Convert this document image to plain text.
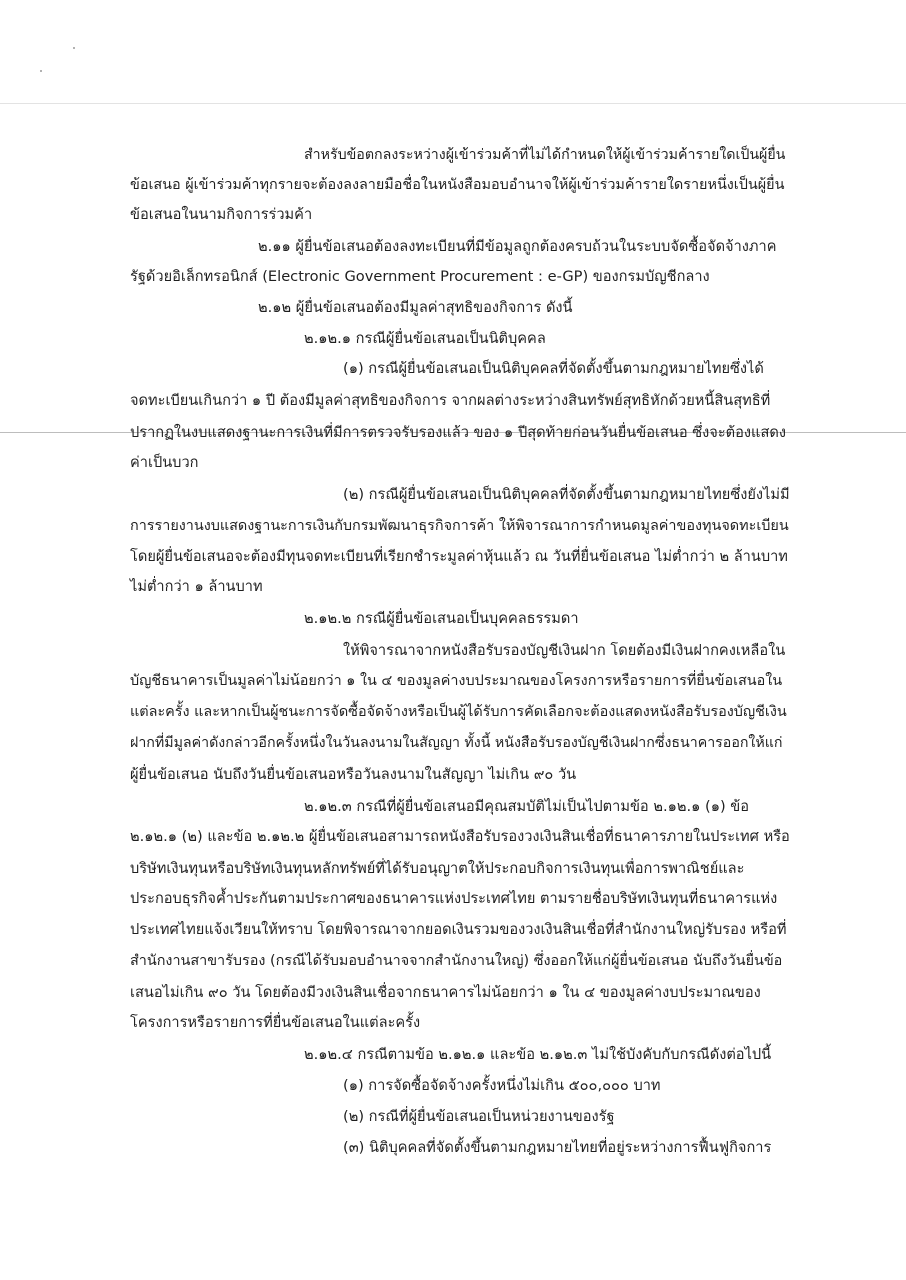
สำหรับข้อตกลงระหว่างผู้เข้าร่วมค้าที่ไม่ได้กำหนดให้ผู้เข้าร่วมค้ารายใดเป็นผู้ยื่น
ข้อเสนอ ผู้เข้าร่วมค้าทุกรายจะต้องลงลายมือชื่อในหนังสือมอบอำนาจให้ผู้เข้าร่วมค้ารายใดรายหนึ่งเป็นผู้ยื่น
ข้อเสนอในนามกิจการร่วมค้า
๒.๑๑ ผู้ยื่นข้อเสนอต้องลงทะเบียนที่มีข้อมูลถูกต้องครบถ้วนในระบบจัดซื้อจัดจ้างภาค
รัฐด้วยอิเล็กทรอนิกส์ (Electronic Government Procurement : e-GP) ของกรมบัญชีกลาง
๒.๑๒ ผู้ยื่นข้อเสนอต้องมีมูลค่าสุทธิของกิจการ ดังนี้
๒.๑๒.๑ กรณีผู้ยื่นข้อเสนอเป็นนิติบุคคล
(๑) กรณีผู้ยื่นข้อเสนอเป็นนิติบุคคลที่จัดตั้งขึ้นตามกฎหมายไทยซึ่งได้
จดทะเบียนเกินกว่า ๑ ปี ต้องมีมูลค่าสุทธิของกิจการ จากผลต่างระหว่างสินทรัพย์สุทธิหักด้วยหนี้สินสุทธิที่
ปรากฏในงบแสดงฐานะการเงินที่มีการตรวจรับรองแล้ว ของ ๑ ปีสุดท้ายก่อนวันยื่นข้อเสนอ ซึ่งจะต้องแสดง
ค่าเป็นบวก
(๒) กรณีผู้ยื่นข้อเสนอเป็นนิติบุคคลที่จัดตั้งขึ้นตามกฎหมายไทยซึ่งยังไม่มี
การรายงานงบแสดงฐานะการเงินกับกรมพัฒนาธุรกิจการค้า ให้พิจารณาการกำหนดมูลค่าของทุนจดทะเบียน
โดยผู้ยื่นข้อเสนอจะต้องมีทุนจดทะเบียนที่เรียกชำระมูลค่าหุ้นแล้ว ณ วันที่ยื่นข้อเสนอ ไม่ต่ำกว่า ๒ ล้านบาท
ไม่ต่ำกว่า ๑ ล้านบาท
๒.๑๒.๒ กรณีผู้ยื่นข้อเสนอเป็นบุคคลธรรมดา
ให้พิจารณาจากหนังสือรับรองบัญชีเงินฝาก โดยต้องมีเงินฝากคงเหลือใน
บัญชีธนาคารเป็นมูลค่าไม่น้อยกว่า ๑ ใน ๔ ของมูลค่างบประมาณของโครงการหรือรายการที่ยื่นข้อเสนอใน
แต่ละครั้ง และหากเป็นผู้ชนะการจัดซื้อจัดจ้างหรือเป็นผู้ได้รับการคัดเลือกจะต้องแสดงหนังสือรับรองบัญชีเงิน
ฝากที่มีมูลค่าดังกล่าวอีกครั้งหนึ่งในวันลงนามในสัญญา ทั้งนี้ หนังสือรับรองบัญชีเงินฝากซึ่งธนาคารออกให้แก่
ผู้ยื่นข้อเสนอ นับถึงวันยื่นข้อเสนอหรือวันลงนามในสัญญา ไม่เกิน ๙๐ วัน
๒.๑๒.๓ กรณีที่ผู้ยื่นข้อเสนอมีคุณสมบัติไม่เป็นไปตามข้อ ๒.๑๒.๑ (๑) ข้อ
๒.๑๒.๑ (๒) และข้อ ๒.๑๒.๒ ผู้ยื่นข้อเสนอสามารถหนังสือรับรองวงเงินสินเชื่อที่ธนาคารภายในประเทศ หรือ
บริษัทเงินทุนหรือบริษัทเงินทุนหลักทรัพย์ที่ได้รับอนุญาตให้ประกอบกิจการเงินทุนเพื่อการพาณิชย์และ
ประกอบธุรกิจค้ำประกันตามประกาศของธนาคารแห่งประเทศไทย ตามรายชื่อบริษัทเงินทุนที่ธนาคารแห่ง
ประเทศไทยแจ้งเวียนให้ทราบ โดยพิจารณาจากยอดเงินรวมของวงเงินสินเชื่อที่สำนักงานใหญ่รับรอง หรือที่
สำนักงานสาขารับรอง (กรณีได้รับมอบอำนาจจากสำนักงานใหญ่) ซึ่งออกให้แก่ผู้ยื่นข้อเสนอ นับถึงวันยื่นข้อ
เสนอไม่เกิน ๙๐ วัน โดยต้องมีวงเงินสินเชื่อจากธนาคารไม่น้อยกว่า ๑ ใน ๔ ของมูลค่างบประมาณของ
โครงการหรือรายการที่ยื่นข้อเสนอในแต่ละครั้ง
๒.๑๒.๔ กรณีตามข้อ ๒.๑๒.๑ และข้อ ๒.๑๒.๓ ไม่ใช้บังคับกับกรณีดังต่อไปนี้
(๑) การจัดซื้อจัดจ้างครั้งหนึ่งไม่เกิน ๕๐๐,๐๐๐ บาท
(๒) กรณีที่ผู้ยื่นข้อเสนอเป็นหน่วยงานของรัฐ
(๓) นิติบุคคลที่จัดตั้งขึ้นตามกฎหมายไทยที่อยู่ระหว่างการฟื้นฟูกิจการ
